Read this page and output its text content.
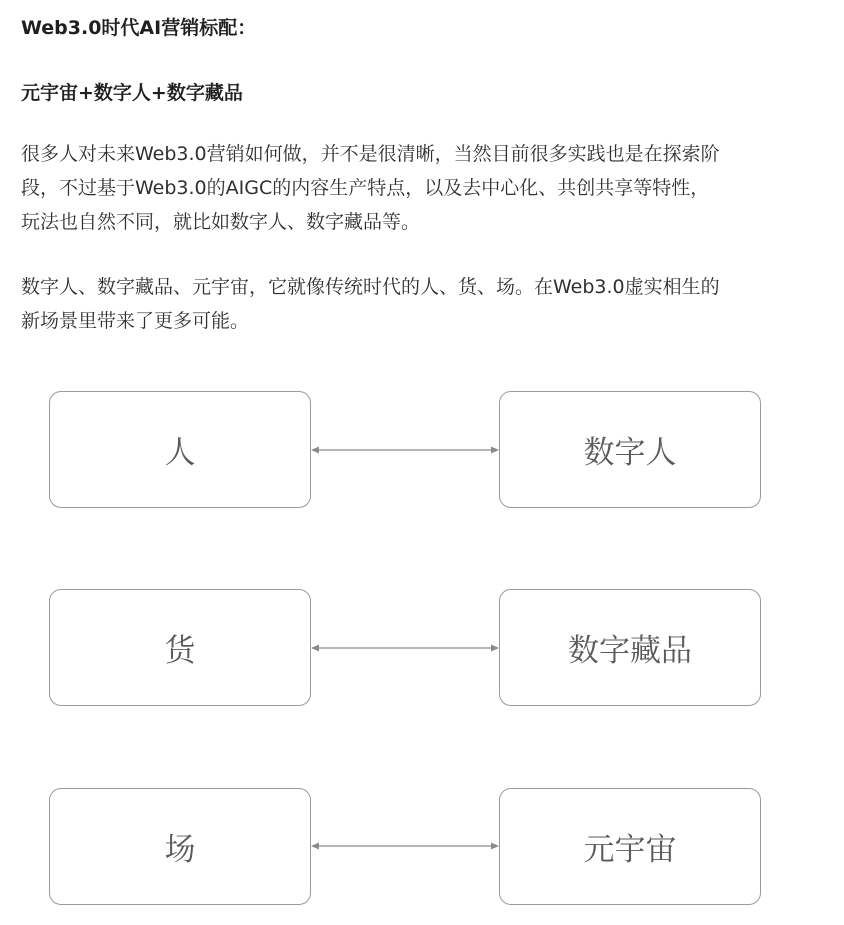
Web3.0时代AI营销标配：
元宇宙+数字人+数字藏品

很多人对未来Web3.0营销如何做，并不是很清晰，当然目前很多实践也是在探索阶
段，不过基于Web3.0的AIGC的内容生产特点，以及去中心化、共创共享等特性，
玩法也自然不同，就比如数字人、数字藏品等。

数字人、数字藏品、元宇宙，它就像传统时代的人、货、场。在Web3.0虚实相生的
新场景里带来了更多可能。

人	数字人
货	数字藏品
场	元宇宙
